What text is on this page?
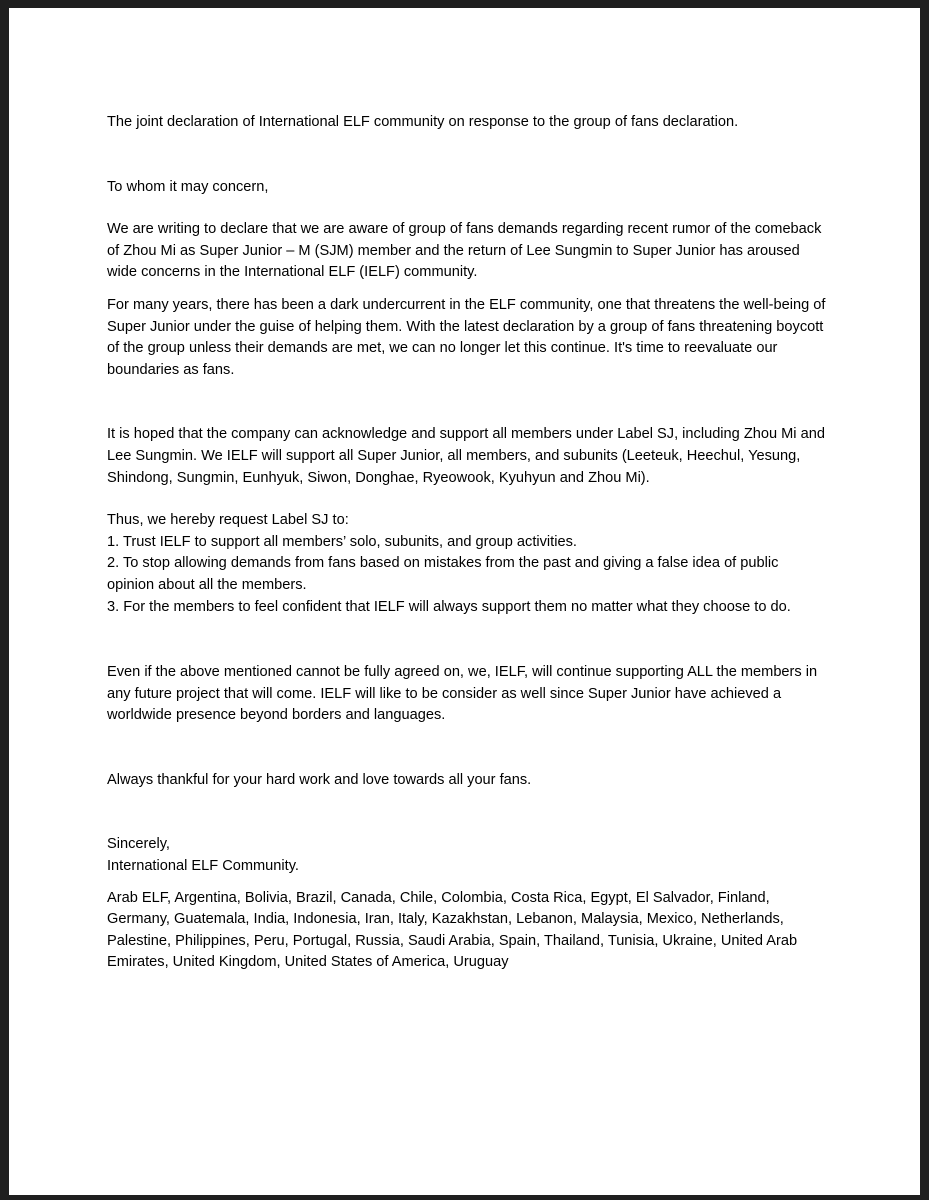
The joint declaration of International ELF community on response to the group of fans declaration.

To whom it may concern,

We are writing to declare that we are aware of group of fans demands regarding recent rumor of the comeback of Zhou Mi as Super Junior – M (SJM) member and the return of Lee Sungmin to Super Junior has aroused wide concerns in the International ELF (IELF) community.

For many years, there has been a dark undercurrent in the ELF community, one that threatens the well-being of Super Junior under the guise of helping them. With the latest declaration by a group of fans threatening boycott of the group unless their demands are met, we can no longer let this continue. It's time to reevaluate our boundaries as fans.

It is hoped that the company can acknowledge and support all members under Label SJ, including Zhou Mi and Lee Sungmin. We IELF will support all Super Junior, all members, and subunits (Leeteuk, Heechul, Yesung, Shindong, Sungmin, Eunhyuk, Siwon, Donghae, Ryeowook, Kyuhyun and Zhou Mi).

Thus, we hereby request Label SJ to:

1. Trust IELF to support all members’ solo, subunits, and group activities.
2. To stop allowing demands from fans based on mistakes from the past and giving a false idea of public opinion about all the members.
3. For the members to feel confident that IELF will always support them no matter what they choose to do.

Even if the above mentioned cannot be fully agreed on, we, IELF, will continue supporting ALL the members in any future project that will come. IELF will like to be consider as well since Super Junior have achieved a worldwide presence beyond borders and languages.

Always thankful for your hard work and love towards all your fans.

Sincerely,

International ELF Community.

Arab ELF, Argentina, Bolivia, Brazil, Canada, Chile, Colombia, Costa Rica, Egypt, El Salvador, Finland, Germany, Guatemala, India, Indonesia, Iran, Italy, Kazakhstan, Lebanon, Malaysia, Mexico, Netherlands, Palestine, Philippines, Peru, Portugal, Russia, Saudi Arabia, Spain, Thailand, Tunisia, Ukraine, United Arab Emirates, United Kingdom, United States of America, Uruguay
